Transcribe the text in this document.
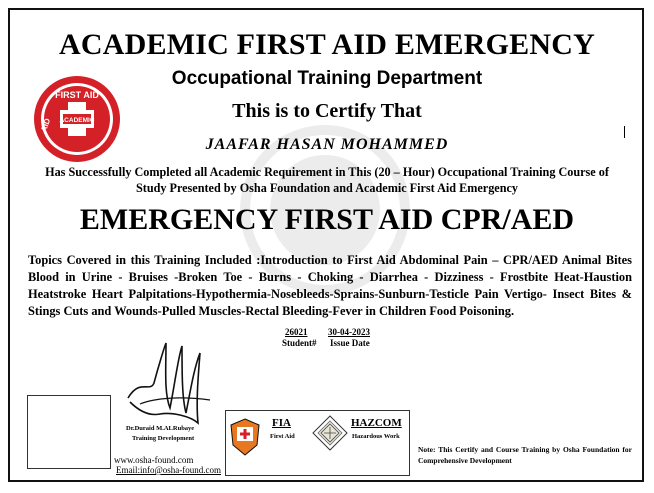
ACADEMIC
FIRST AID
AID
ACADEMIC FIRST AID EMERGENCY
Occupational Training Department
This is to Certify That
JAAFAR HASAN MOHAMMED
Has Successfully Completed all Academic Requirement in This (20 – Hour) Occupational Training Course of Study Presented by Osha Foundation and Academic First Aid Emergency
EMERGENCY FIRST AID CPR/AED
Topics Covered in this Training Included :Introduction to First Aid Abdominal Pain – CPR/AED Animal Bites Blood in Urine - Bruises -Broken Toe - Burns - Choking - Diarrhea - Dizziness - Frostbite Heat-Haustion Heatstroke Heart Palpitations-Hypothermia-Nosebleeds-Sprains-Sunburn-Testicle Pain Vertigo- Insect Bites & Stings Cuts and Wounds-Pulled Muscles-Rectal Bleeding-Fever in Children Food Poisoning.
26021
Student#
30-04-2023
Issue Date
Dr.Duraid M.ALRubaye
Training Development
www.osha-found.com
Email:info@osha-found.com
FIA
First Aid
HAZCOM
Hazardous Work
Note: This Certify and Course Training by Osha Foundation for Comprehensive Development
